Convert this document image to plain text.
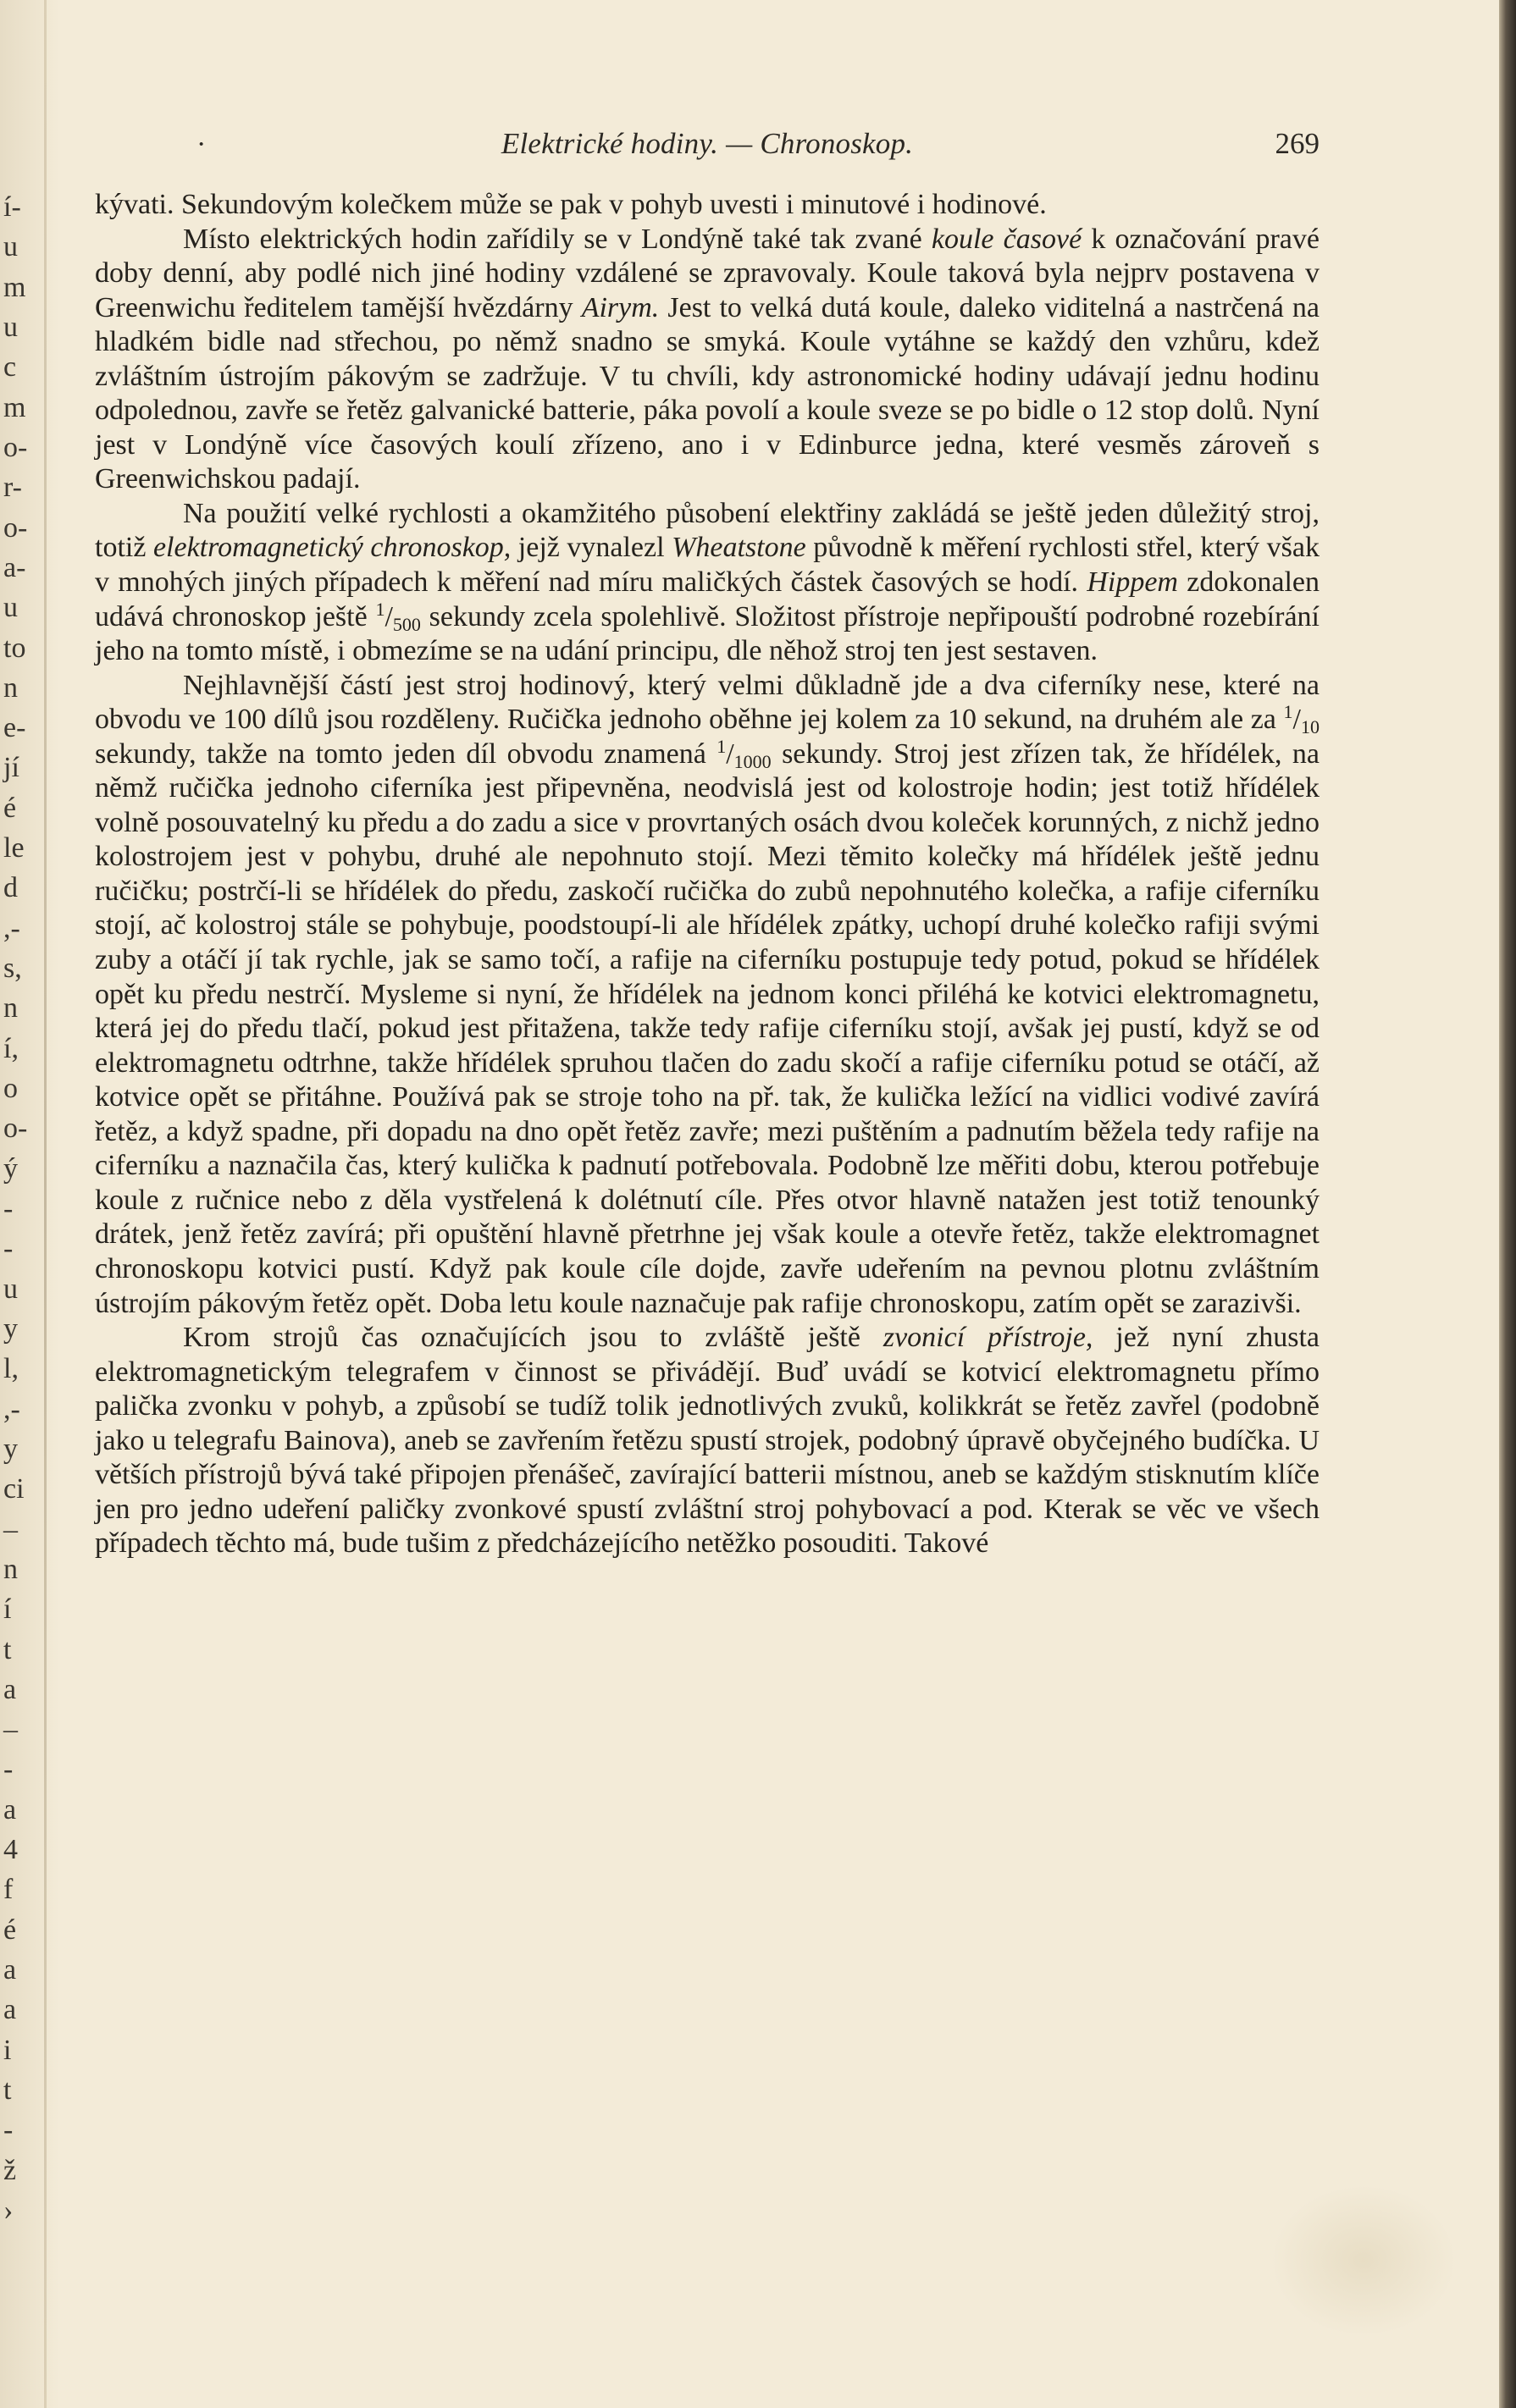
í-
u
m
u
c
m
o-
r-
o-
a-
u
to
n
e-
jí
é
le
d
,-
s,
n
í,
o
o-
ý
-
-
u
y
l,
,-
y
ci
–
n
í
t
a
–
-
a
4
f
é
a
a
i
t
-
ž
›
·	Elektrické hodiny. — Chronoskop.	269

kývati. Sekundovým kolečkem může se pak v pohyb uvesti i minutové i hodinové.

Místo elektrických hodin zařídily se v Londýně také tak zvané koule časové k označování pravé doby denní, aby podlé nich jiné hodiny vzdálené se zpravovaly. Koule taková byla nejprv postavena v Greenwichu ředitelem tamější hvězdárny Airym. Jest to velká dutá koule, daleko viditelná a nastrčená na hladkém bidle nad střechou, po němž snadno se smyká. Koule vytáhne se každý den vzhůru, kdež zvláštním ústrojím pákovým se zadržuje. V tu chvíli, kdy astronomické hodiny udávají jednu hodinu odpolednou, zavře se řetěz galvanické batterie, páka povolí a koule sveze se po bidle o 12 stop dolů. Nyní jest v Londýně více časových koulí zřízeno, ano i v Edinburce jedna, které vesměs zároveň s Greenwichskou padají.

Na použití velké rychlosti a okamžitého působení elektřiny zakládá se ještě jeden důležitý stroj, totiž elektromagnetický chronoskop, jejž vynalezl Wheatstone původně k měření rychlosti střel, který však v mnohých jiných případech k měření nad míru maličkých částek časových se hodí. Hippem zdokonalen udává chronoskop ještě $^1/_{500}$ sekundy zcela spolehlivě. Složitost přístroje nepřipouští podrobné rozebírání jeho na tomto místě, i obmezíme se na udání principu, dle něhož stroj ten jest sestaven.

Nejhlavnější částí jest stroj hodinový, který velmi důkladně jde a dva ciferníky nese, které na obvodu ve 100 dílů jsou rozděleny. Ručička jednoho oběhne jej kolem za 10 sekund, na druhém ale za $^1/_{10}$ sekundy, takže na tomto jeden díl obvodu znamená $^1/_{1000}$ sekundy. Stroj jest zřízen tak, že hřídélek, na němž ručička jednoho ciferníka jest připevněna, neodvislá jest od kolostroje hodin; jest totiž hřídélek volně posouvatelný ku předu a do zadu a sice v provrtaných osách dvou koleček korunných, z nichž jedno kolostrojem jest v pohybu, druhé ale nepohnuto stojí. Mezi těmito kolečky má hřídélek ještě jednu ručičku; postrčí-li se hřídélek do předu, zaskočí ručička do zubů nepohnutého kolečka, a rafije ciferníku stojí, ač kolostroj stále se pohybuje, poodstoupí-li ale hřídélek zpátky, uchopí druhé kolečko rafiji svými zuby a otáčí jí tak rychle, jak se samo točí, a rafije na ciferníku postupuje tedy potud, pokud se hřídélek opět ku předu nestrčí. Mysleme si nyní, že hřídélek na jednom konci přiléhá ke kotvici elektromagnetu, která jej do předu tlačí, pokud jest přitažena, takže tedy rafije ciferníku stojí, avšak jej pustí, když se od elektromagnetu odtrhne, takže hřídélek spruhou tlačen do zadu skočí a rafije ciferníku potud se otáčí, až kotvice opět se přitáhne. Používá pak se stroje toho na př. tak, že kulička ležící na vidlici vodivé zavírá řetěz, a když spadne, při dopadu na dno opět řetěz zavře; mezi puštěním a padnutím běžela tedy rafije na ciferníku a naznačila čas, který kulička k padnutí potřebovala. Podobně lze měřiti dobu, kterou potřebuje koule z ručnice nebo z děla vystřelená k dolétnutí cíle. Přes otvor hlavně natažen jest totiž tenounký drátek, jenž řetěz zavírá; při opuštění hlavně přetrhne jej však koule a otevře řetěz, takže elektromagnet chronoskopu kotvici pustí. Když pak koule cíle dojde, zavře udeřením na pevnou plotnu zvláštním ústrojím pákovým řetěz opět. Doba letu koule naznačuje pak rafije chronoskopu, zatím opět se zarazivši.

Krom strojů čas označujících jsou to zvláště ještě zvonicí přístroje, jež nyní zhusta elektromagnetickým telegrafem v činnost se přivádějí. Buď uvádí se kotvicí elektromagnetu přímo palička zvonku v pohyb, a způsobí se tudíž tolik jednotlivých zvuků, kolikkrát se řetěz zavřel (podobně jako u telegrafu Bainova), aneb se zavřením řetězu spustí strojek, podobný úpravě obyčejného budíčka. U větších přístrojů bývá také připojen přenášeč, zavírající batterii místnou, aneb se každým stisknutím klíče jen pro jedno udeření paličky zvonkové spustí zvláštní stroj pohybovací a pod. Kterak se věc ve všech případech těchto má, bude tušim z předcházejícího netěžko posouditi. Takové
